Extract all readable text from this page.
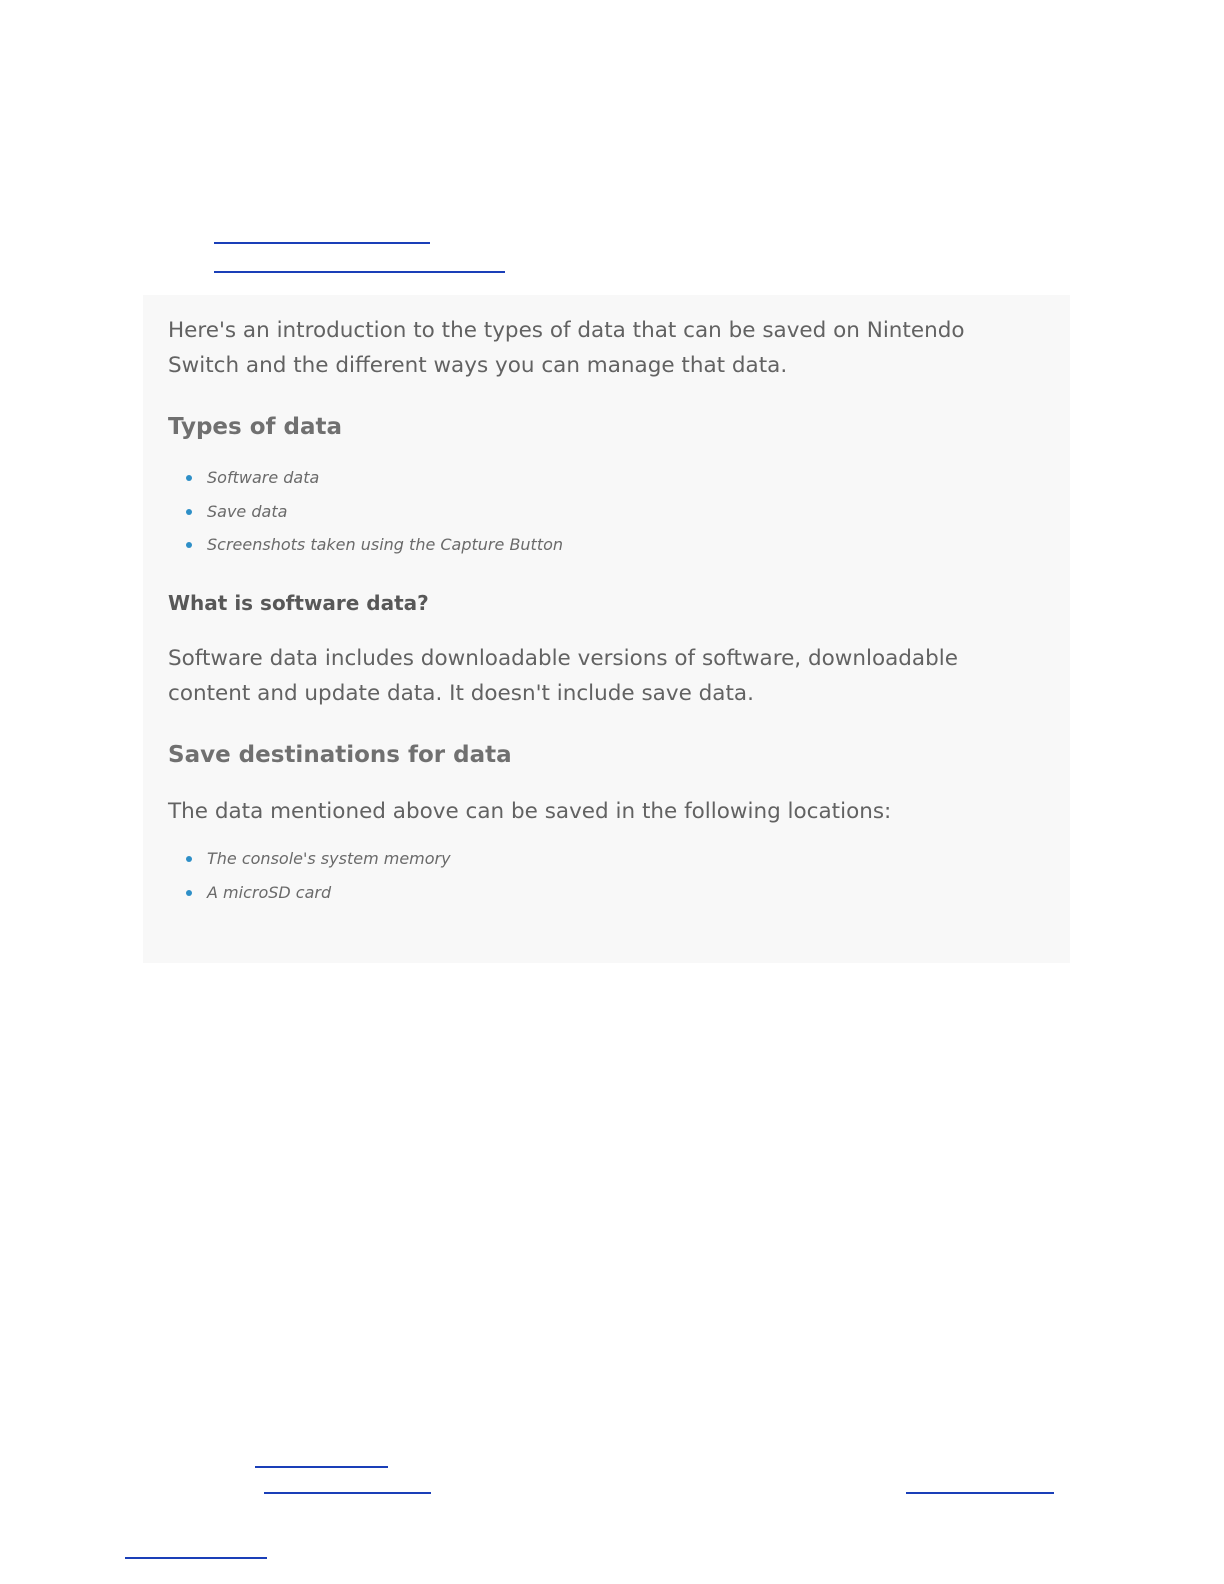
Here's an introduction to the types of data that can be saved on Nintendo Switch and the different ways you can manage that data.

Types of data
Software data
Save data
Screenshots taken using the Capture Button
What is software data?

Software data includes downloadable versions of software, downloadable content and update data. It doesn't include save data.

Save destinations for data

The data mentioned above can be saved in the following locations:

The console's system memory
A microSD card
